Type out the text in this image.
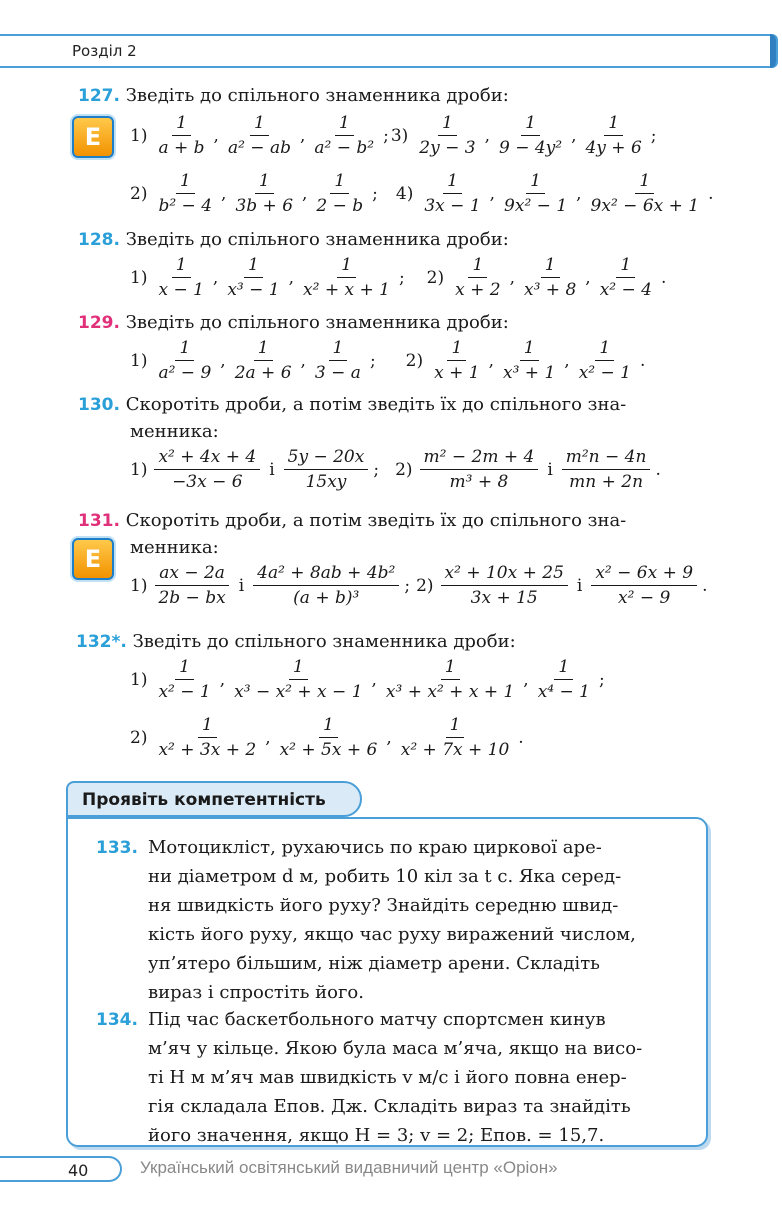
Розділ 2
127. Зведіть до спільного знаменника дроби:
E	$1) \frac{1}{a + b}$ , $\frac{1}{\text{a² − ab}}$ , $\frac{1}{\text{a² − b²}}$ ; $3) \frac{1}{2y - 3}$ , $\frac{1}{\text{9 − 4y²}}$ , $\frac{1}{4y + 6}$ ;
$2) \frac{1}{\text{b² − 4}}$ , $\frac{1}{3b + 6}$ , $\frac{1}{2 - b}$ ; $4) \frac{1}{3x - 1}$ , $\frac{1}{\text{9x² − 1}}$ , $\frac{1}{\text{9x² − 6x + 1}}$ .
128. Зведіть до спільного знаменника дроби:
$1) \frac{1}{x - 1}$ , $\frac{1}{\text{x³ − 1}}$ , $\frac{1}{\text{x² + x + 1}}$ ; $2) \frac{1}{x + 2}$ , $\frac{1}{\text{x³ + 8}}$ , $\frac{1}{\text{x² − 4}}$ .
129. Зведіть до спільного знаменника дроби:
$1) \frac{1}{\text{a² − 9}}$ , $\frac{1}{2a + 6}$ , $\frac{1}{3 - a}$ ; $2) \frac{1}{x + 1}$ , $\frac{1}{\text{x³ + 1}}$ , $\frac{1}{\text{x² − 1}}$ .
130. Скоротіть дроби, а потім зведіть їх до спільного зна-
менника:
$1) \frac{\text{x² + 4x + 4}}{-3x - 6}$ і $\frac{5y - 20x}{15xy}$ ; $2) \frac{\text{m² − 2m + 4}}{\text{m³ + 8}}$ і $\frac{\text{m²n − 4n}}{mn + 2n}$ .
131. Скоротіть дроби, а потім зведіть їх до спільного зна-
E	менника:
$1) \frac{ax - 2a}{2b - bx}$ і $\frac{\text{4a² + 8ab + 4b²}}{\text{(a + b)³}}$ ; $2) \frac{\text{x² + 10x + 25}}{3x + 15}$ і $\frac{\text{x² − 6x + 9}}{\text{x² − 9}}$ .
132*. Зведіть до спільного знаменника дроби:
$1) \frac{1}{\text{x² − 1}}$ , $\frac{1}{\text{x³ − x² + x − 1}}$ , $\frac{1}{\text{x³ + x² + x + 1}}$ , $\frac{1}{\text{x⁴ − 1}}$ ;
$2) \frac{1}{\text{x² + 3x + 2}}$ , $\frac{1}{\text{x² + 5x + 6}}$ , $\frac{1}{\text{x² + 7x + 10}}$ .
Проявіть компетентність
133. Мотоцикліст, рухаючись по краю циркової аре-
ни діаметром d м, робить 10 кіл за t с. Яка серед-
ня швидкість його руху? Знайдіть середню швид-
кість його руху, якщо час руху виражений числом,
уп’ятеро більшим, ніж діаметр арени. Складіть
вираз і спростіть його.
134. Під час баскетбольного матчу спортсмен кинув
м’яч у кільце. Якою була маса м’яча, якщо на висо-
ті H м м’яч мав швидкість v м/с і його повна енер-
гія складала Eпов. Дж. Складіть вираз та знайдіть
його значення, якщо H = 3; v = 2; Eпов. = 15,7.
40	Український освітянський видавничий центр «Оріон»
